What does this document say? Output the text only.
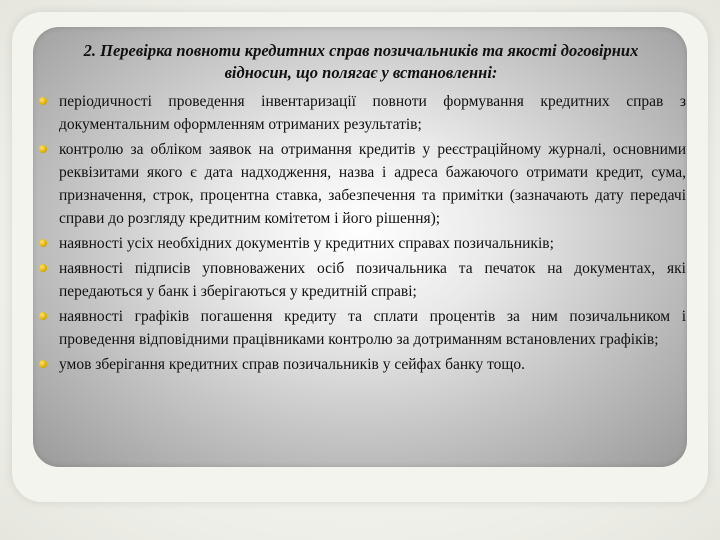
2. Перевірка повноти кредитних справ позичальників та якості договірних відносин, що полягає у встановленні:
періодичності проведення інвентаризації повноти формування кредитних справ з документальним оформленням отриманих результатів;
контролю за обліком заявок на отримання кредитів у реєстраційному журналі, основними реквізитами якого є дата надходження, назва і адреса бажаючого отримати кредит, сума, призначення, строк, процентна ставка, забезпечення та примітки (зазначають дату передачі справи до розгляду кредитним комітетом і його рішення);
наявності усіх необхідних документів у кредитних справах позичальників;
наявності підписів уповноважених осіб позичальника та печаток на документах, які передаються у банк і зберігаються у кредитній справі;
наявності графіків погашення кредиту та сплати процентів за ним позичальником і проведення відповідними працівниками контролю за дотриманням встановлених графіків;
умов зберігання кредитних справ позичальників у сейфах банку тощо.
